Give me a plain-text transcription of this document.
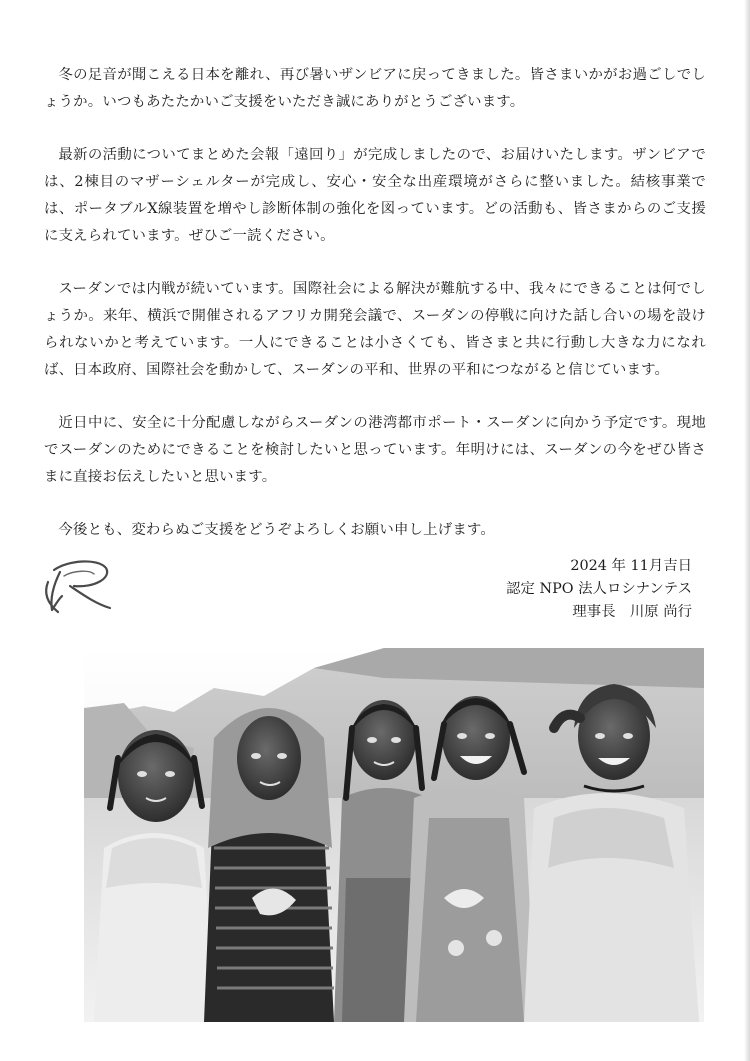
冬の足音が聞こえる日本を離れ、再び暑いザンビアに戻ってきました。皆さまいかがお過ごしでしょうか。いつもあたたかいご支援をいただき誠にありがとうございます。

最新の活動についてまとめた会報「遠回り」が完成しましたので、お届けいたします。ザンビアでは、2棟目のマザーシェルターが完成し、安心・安全な出産環境がさらに整いました。結核事業では、ポータブルX線装置を増やし診断体制の強化を図っています。どの活動も、皆さまからのご支援に支えられています。ぜひご一読ください。

スーダンでは内戦が続いています。国際社会による解決が難航する中、我々にできることは何でしょうか。来年、横浜で開催されるアフリカ開発会議で、スーダンの停戦に向けた話し合いの場を設けられないかと考えています。一人にできることは小さくても、皆さまと共に行動し大きな力になれば、日本政府、国際社会を動かして、スーダンの平和、世界の平和につながると信じています。

近日中に、安全に十分配慮しながらスーダンの港湾都市ポート・スーダンに向かう予定です。現地でスーダンのためにできることを検討したいと思っています。年明けには、スーダンの今をぜひ皆さまに直接お伝えしたいと思います。

今後とも、変わらぬご支援をどうぞよろしくお願い申し上げます。

2024 年 11月吉日
認定 NPO 法人ロシナンテス
理事長　川原 尚行
